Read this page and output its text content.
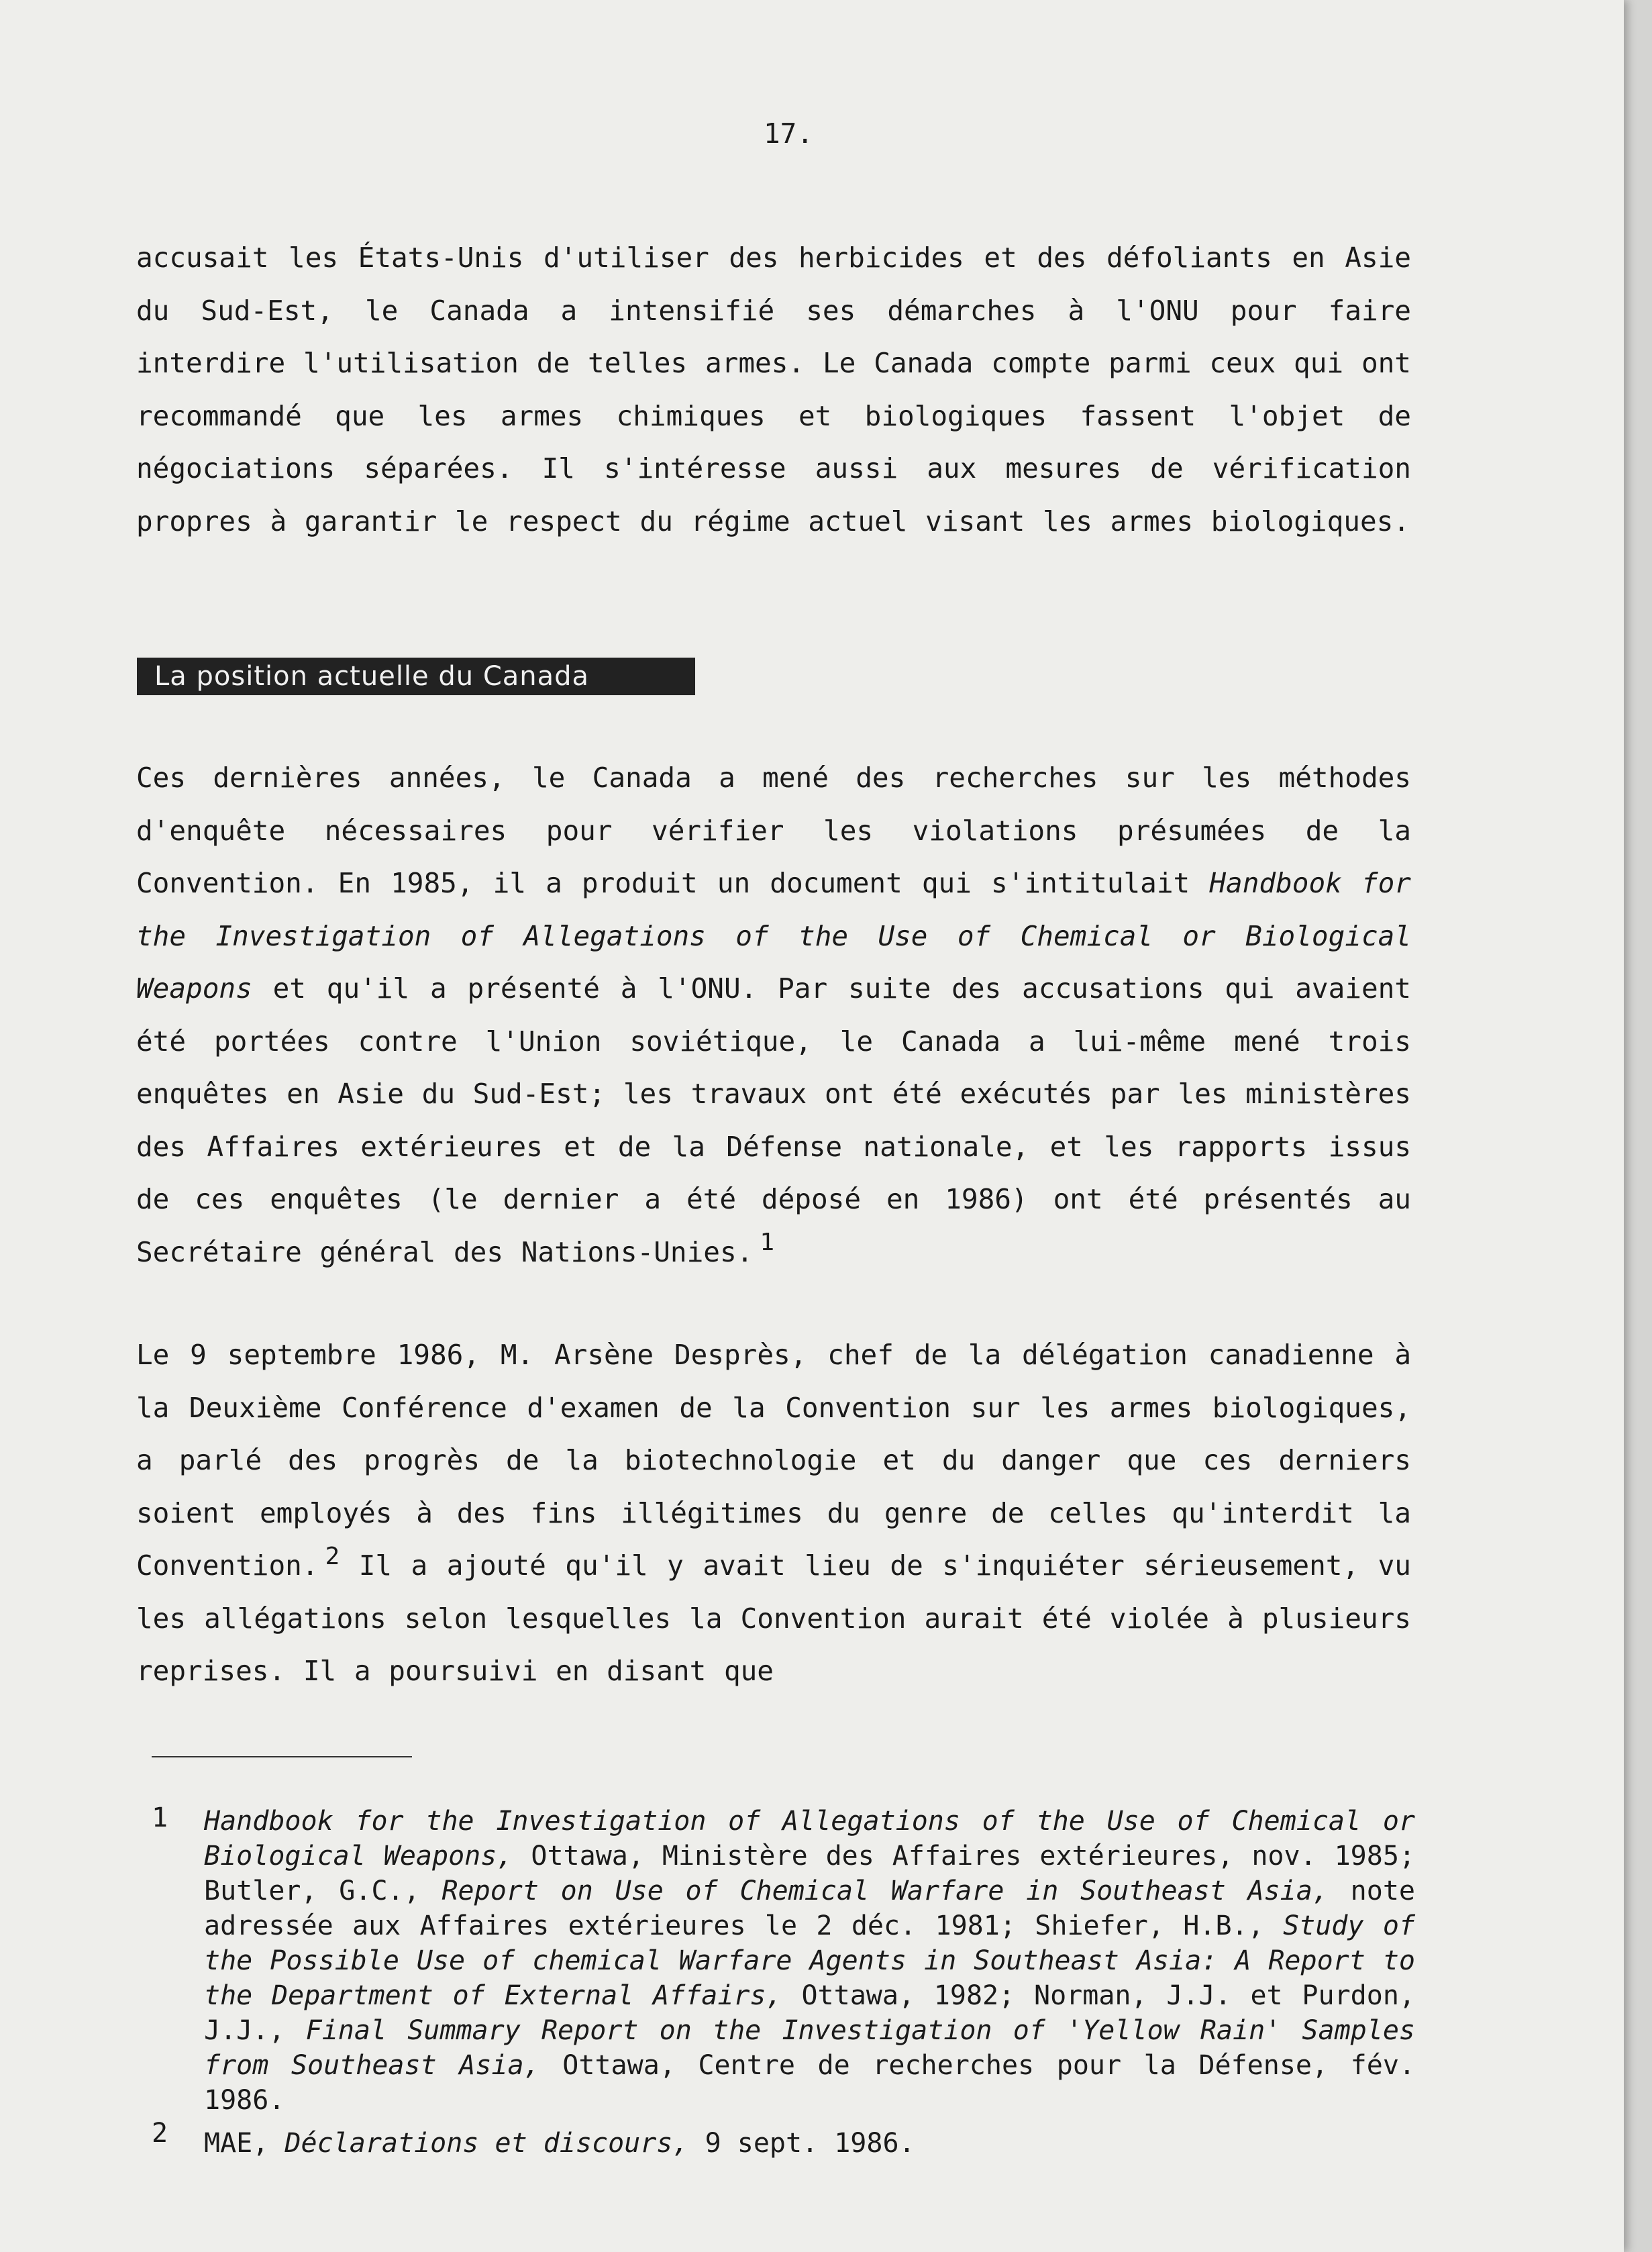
17.
accusait les États-Unis d'utiliser des herbicides et des défoliants en Asie du Sud-Est, le Canada a intensifié ses démarches à l'ONU pour faire interdire l'utilisation de telles armes. Le Canada compte parmi ceux qui ont recommandé que les armes chimiques et biologiques fassent l'objet de négociations séparées. Il s'intéresse aussi aux mesures de vérification propres à garantir le respect du régime actuel visant les armes biologiques.
La position actuelle du Canada
Ces dernières années, le Canada a mené des recherches sur les méthodes d'enquête nécessaires pour vérifier les violations présumées de la Convention. En 1985, il a produit un document qui s'intitulait Handbook for the Investigation of Allegations of the Use of Chemical or Biological Weapons et qu'il a présenté à l'ONU. Par suite des accusations qui avaient été portées contre l'Union soviétique, le Canada a lui-même mené trois enquêtes en Asie du Sud-Est; les travaux ont été exécutés par les ministères des Affaires extérieures et de la Défense nationale, et les rapports issus de ces enquêtes (le dernier a été déposé en 1986) ont été présentés au Secrétaire général des Nations-Unies. $^1$
Le 9 septembre 1986, M. Arsène Desprès, chef de la délégation canadienne à la Deuxième Conférence d'examen de la Convention sur les armes biologiques, a parlé des progrès de la biotechnologie et du danger que ces derniers soient employés à des fins illégitimes du genre de celles qu'interdit la Convention. $^2$ Il a ajouté qu'il y avait lieu de s'inquiéter sérieusement, vu les allégations selon lesquelles la Convention aurait été violée à plusieurs reprises. Il a poursuivi en disant que
1 Handbook for the Investigation of Allegations of the Use of Chemical or Biological Weapons, Ottawa, Ministère des Affaires extérieures, nov. 1985; Butler, G.C., Report on Use of Chemical Warfare in Southeast Asia, note adressée aux Affaires extérieures le 2 déc. 1981; Shiefer, H.B., Study of the Possible Use of chemical Warfare Agents in Southeast Asia: A Report to the Department of External Affairs, Ottawa, 1982; Norman, J.J. et Purdon, J.J., Final Summary Report on the Investigation of 'Yellow Rain' Samples from Southeast Asia, Ottawa, Centre de recherches pour la Défense, fév. 1986.
2 MAE, Déclarations et discours, 9 sept. 1986.
